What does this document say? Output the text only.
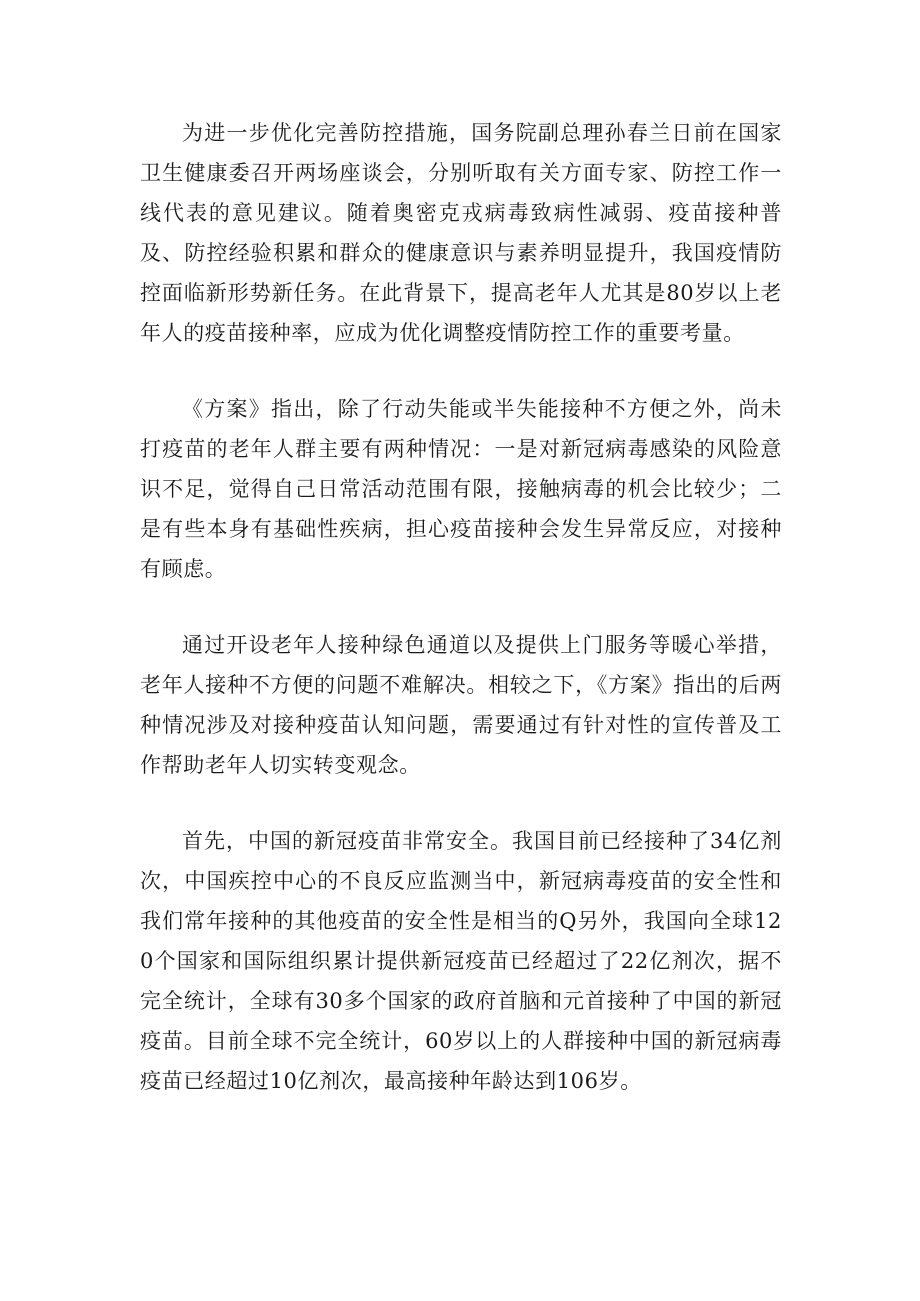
为进一步优化完善防控措施，国务院副总理孙春兰日前在国家卫生健康委召开两场座谈会，分别听取有关方面专家、防控工作一线代表的意见建议。随着奥密克戎病毒致病性减弱、疫苗接种普及、防控经验积累和群众的健康意识与素养明显提升，我国疫情防控面临新形势新任务。在此背景下，提高老年人尤其是80岁以上老年人的疫苗接种率，应成为优化调整疫情防控工作的重要考量。

《方案》指出，除了行动失能或半失能接种不方便之外，尚未打疫苗的老年人群主要有两种情况：一是对新冠病毒感染的风险意识不足，觉得自己日常活动范围有限，接触病毒的机会比较少；二是有些本身有基础性疾病，担心疫苗接种会发生异常反应，对接种有顾虑。

通过开设老年人接种绿色通道以及提供上门服务等暖心举措，老年人接种不方便的问题不难解决。相较之下，《方案》指出的后两种情况涉及对接种疫苗认知问题，需要通过有针对性的宣传普及工作帮助老年人切实转变观念。

首先，中国的新冠疫苗非常安全。我国目前已经接种了34亿剂次，中国疾控中心的不良反应监测当中，新冠病毒疫苗的安全性和我们常年接种的其他疫苗的安全性是相当的Q另外，我国向全球120个国家和国际组织累计提供新冠疫苗已经超过了22亿剂次，据不完全统计，全球有30多个国家的政府首脑和元首接种了中国的新冠疫苗。目前全球不完全统计，60岁以上的人群接种中国的新冠病毒疫苗已经超过10亿剂次，最高接种年龄达到106岁。
